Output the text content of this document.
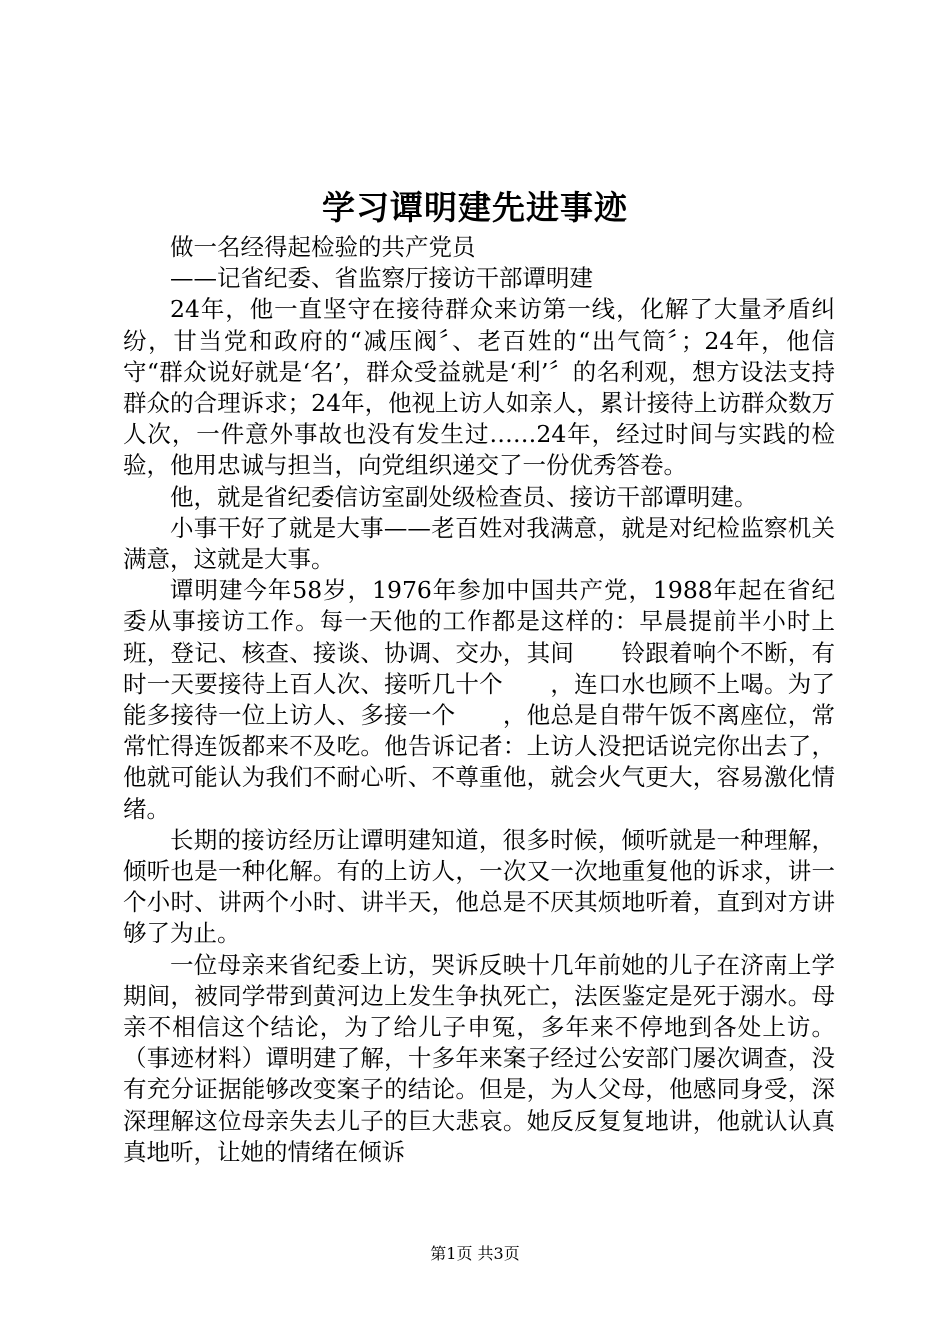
学习谭明建先进事迹

做一名经得起检验的共产党员

——记省纪委、省监察厅接访干部谭明建

24年，他一直坚守在接待群众来访第一线，化解了大量矛盾纠纷，甘当党和政府的“减压阀〞、老百姓的“出气筒〞；24年，他信守“群众说好就是‘名’，群众受益就是‘利’〞的名利观，想方设法支持群众的合理诉求；24年，他视上访人如亲人，累计接待上访群众数万人次，一件意外事故也没有发生过……24年，经过时间与实践的检验，他用忠诚与担当，向党组织递交了一份优秀答卷。

他，就是省纪委信访室副处级检查员、接访干部谭明建。

小事干好了就是大事——老百姓对我满意，就是对纪检监察机关满意，这就是大事。

谭明建今年58岁，1976年参加中国共产党，1988年起在省纪委从事接访工作。每一天他的工作都是这样的：早晨提前半小时上班，登记、核查、接谈、协调、交办，其间　　铃跟着响个不断，有时一天要接待上百人次、接听几十个　　，连口水也顾不上喝。为了能多接待一位上访人、多接一个　　，他总是自带午饭不离座位，常常忙得连饭都来不及吃。他告诉记者：上访人没把话说完你出去了，他就可能认为我们不耐心听、不尊重他，就会火气更大，容易激化情绪。

长期的接访经历让谭明建知道，很多时候，倾听就是一种理解，倾听也是一种化解。有的上访人，一次又一次地重复他的诉求，讲一个小时、讲两个小时、讲半天，他总是不厌其烦地听着，直到对方讲够了为止。

一位母亲来省纪委上访，哭诉反映十几年前她的儿子在济南上学期间，被同学带到黄河边上发生争执死亡，法医鉴定是死于溺水。母亲不相信这个结论，为了给儿子申冤，多年来不停地到各处上访。（事迹材料）谭明建了解，十多年来案子经过公安部门屡次调查，没有充分证据能够改变案子的结论。但是，为人父母，他感同身受，深深理解这位母亲失去儿子的巨大悲哀。她反反复复地讲，他就认认真真地听，让她的情绪在倾诉

第1页 共3页
